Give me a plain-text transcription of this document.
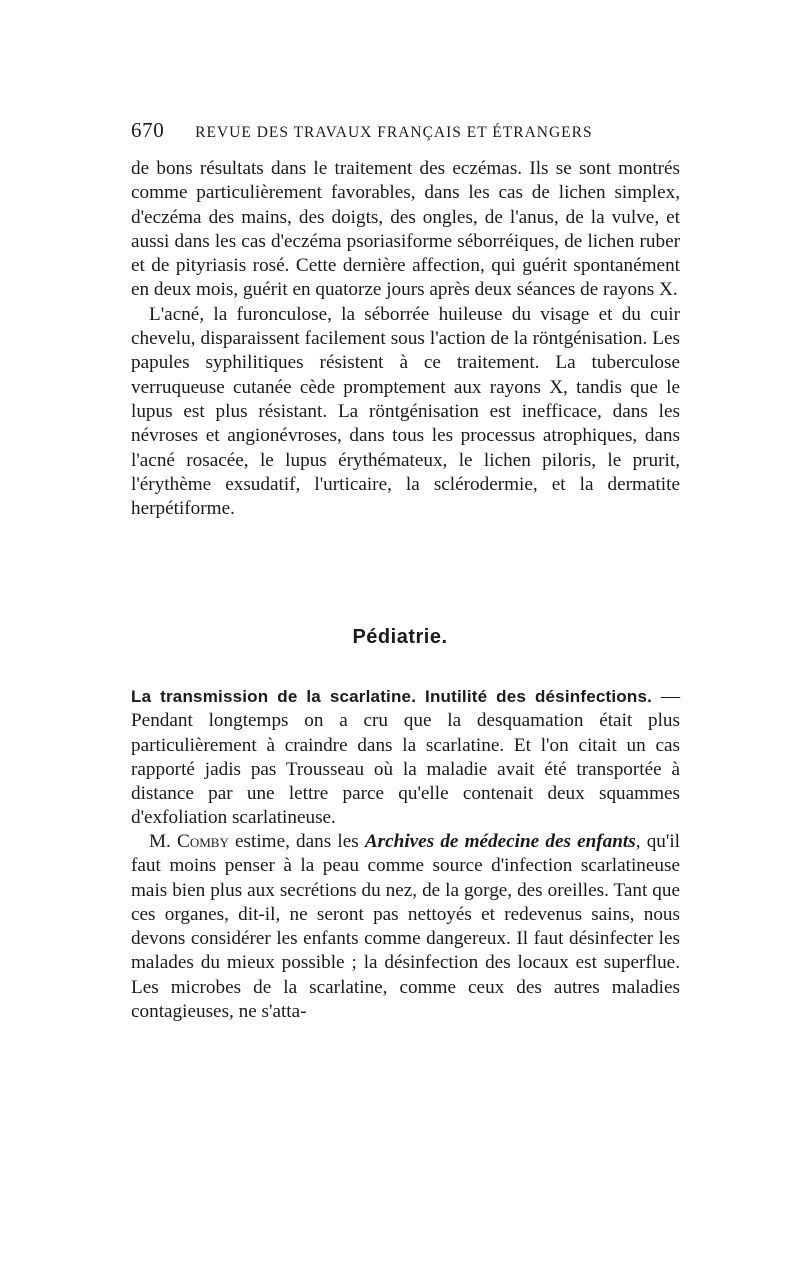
670 REVUE DES TRAVAUX FRANÇAIS ET ÉTRANGERS

de bons résultats dans le traitement des eczémas. Ils se sont montrés comme particulièrement favorables, dans les cas de lichen simplex, d'eczéma des mains, des doigts, des ongles, de l'anus, de la vulve, et aussi dans les cas d'eczéma psoriasiforme séborréiques, de lichen ruber et de pityriasis rosé. Cette dernière affection, qui guérit spontanément en deux mois, guérit en quatorze jours après deux séances de rayons X.

L'acné, la furonculose, la séborrée huileuse du visage et du cuir chevelu, disparaissent facilement sous l'action de la röntgénisation. Les papules syphilitiques résistent à ce traitement. La tuberculose verruqueuse cutanée cède promptement aux rayons X, tandis que le lupus est plus résistant. La röntgénisation est inefficace, dans les névroses et angionévroses, dans tous les processus atrophiques, dans l'acné rosacée, le lupus érythémateux, le lichen piloris, le prurit, l'érythème exsudatif, l'urticaire, la sclérodermie, et la dermatite herpétiforme.

Pédiatrie.

La transmission de la scarlatine. Inutilité des désinfections. — Pendant longtemps on a cru que la desquamation était plus particulièrement à craindre dans la scarlatine. Et l'on citait un cas rapporté jadis pas Trousseau où la maladie avait été transportée à distance par une lettre parce qu'elle contenait deux squammes d'exfoliation scarlatineuse.

M. Comby estime, dans les Archives de médecine des enfants, qu'il faut moins penser à la peau comme source d'infection scarlatineuse mais bien plus aux secrétions du nez, de la gorge, des oreilles. Tant que ces organes, dit-il, ne seront pas nettoyés et redevenus sains, nous devons considérer les enfants comme dangereux. Il faut désinfecter les malades du mieux possible ; la désinfection des locaux est superflue. Les microbes de la scarlatine, comme ceux des autres maladies contagieuses, ne s'atta-
